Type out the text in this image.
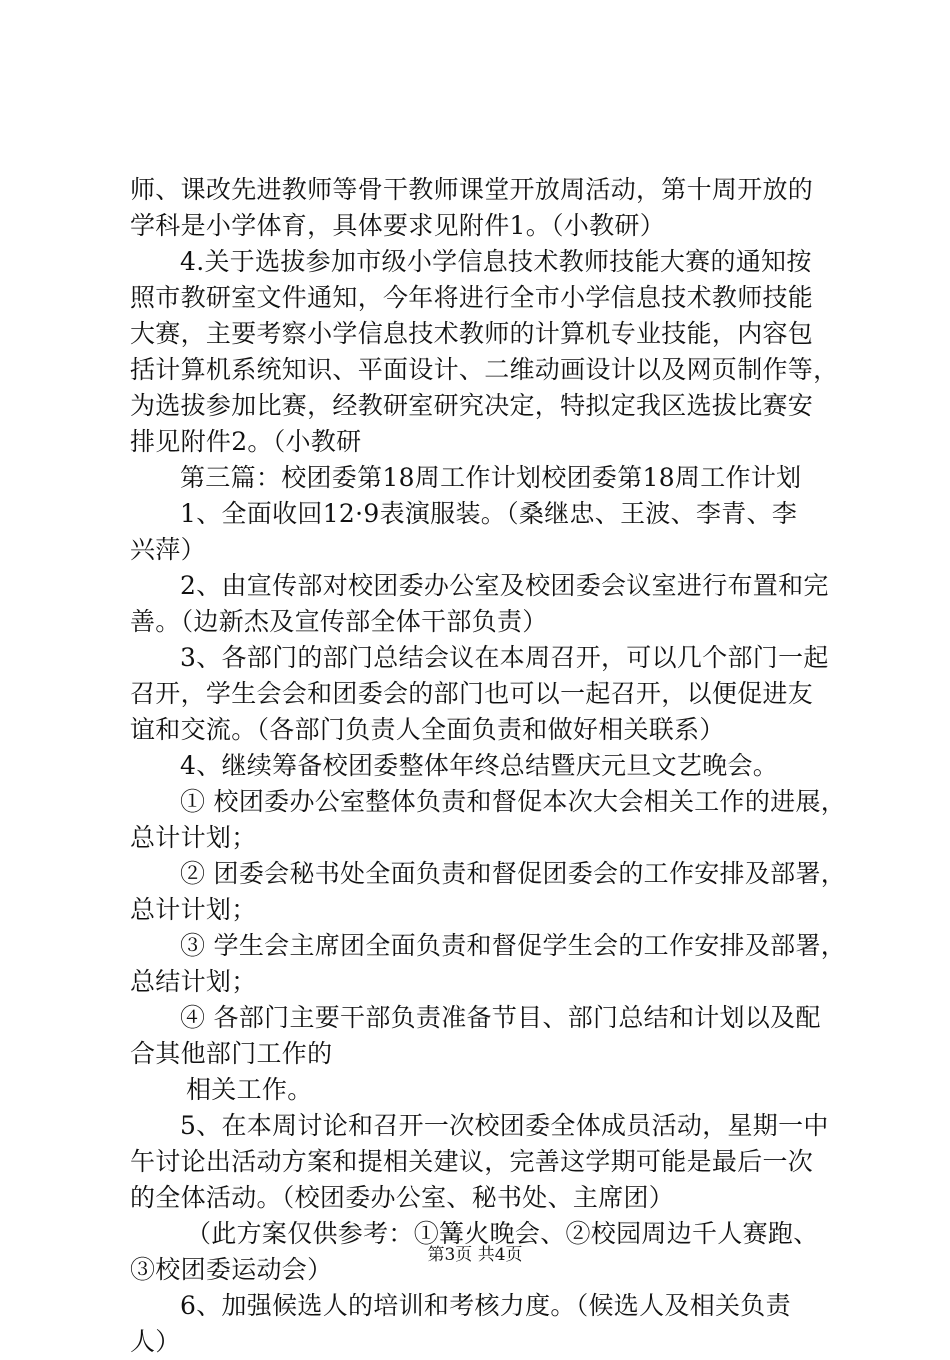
师、课改先进教师等骨干教师课堂开放周活动，第十周开放的
学科是小学体育，具体要求见附件1。（小教研）
4.关于选拔参加市级小学信息技术教师技能大赛的通知按
照市教研室文件通知，今年将进行全市小学信息技术教师技能
大赛，主要考察小学信息技术教师的计算机专业技能，内容包
括计算机系统知识、平面设计、二维动画设计以及网页制作等，
为选拔参加比赛，经教研室研究决定，特拟定我区选拔比赛安
排见附件2。（小教研
第三篇：校团委第18周工作计划校团委第18周工作计划
1、全面收回12·9表演服装。（桑继忠、王波、李青、李
兴萍）
2、由宣传部对校团委办公室及校团委会议室进行布置和完
善。（边新杰及宣传部全体干部负责）
3、各部门的部门总结会议在本周召开，可以几个部门一起
召开，学生会会和团委会的部门也可以一起召开，以便促进友
谊和交流。（各部门负责人全面负责和做好相关联系）
4、继续筹备校团委整体年终总结暨庆元旦文艺晚会。
① 校团委办公室整体负责和督促本次大会相关工作的进展，
总计计划；
② 团委会秘书处全面负责和督促团委会的工作安排及部署，
总计计划；
③ 学生会主席团全面负责和督促学生会的工作安排及部署，
总结计划；
④ 各部门主要干部负责准备节目、部门总结和计划以及配
合其他部门工作的
相关工作。
5、在本周讨论和召开一次校团委全体成员活动，星期一中
午讨论出活动方案和提相关建议，完善这学期可能是最后一次
的全体活动。（校团委办公室、秘书处、主席团）
（此方案仅供参考：①篝火晚会、②校园周边千人赛跑、
③校团委运动会）
6、加强候选人的培训和考核力度。（候选人及相关负责
人）
第3页 共4页
